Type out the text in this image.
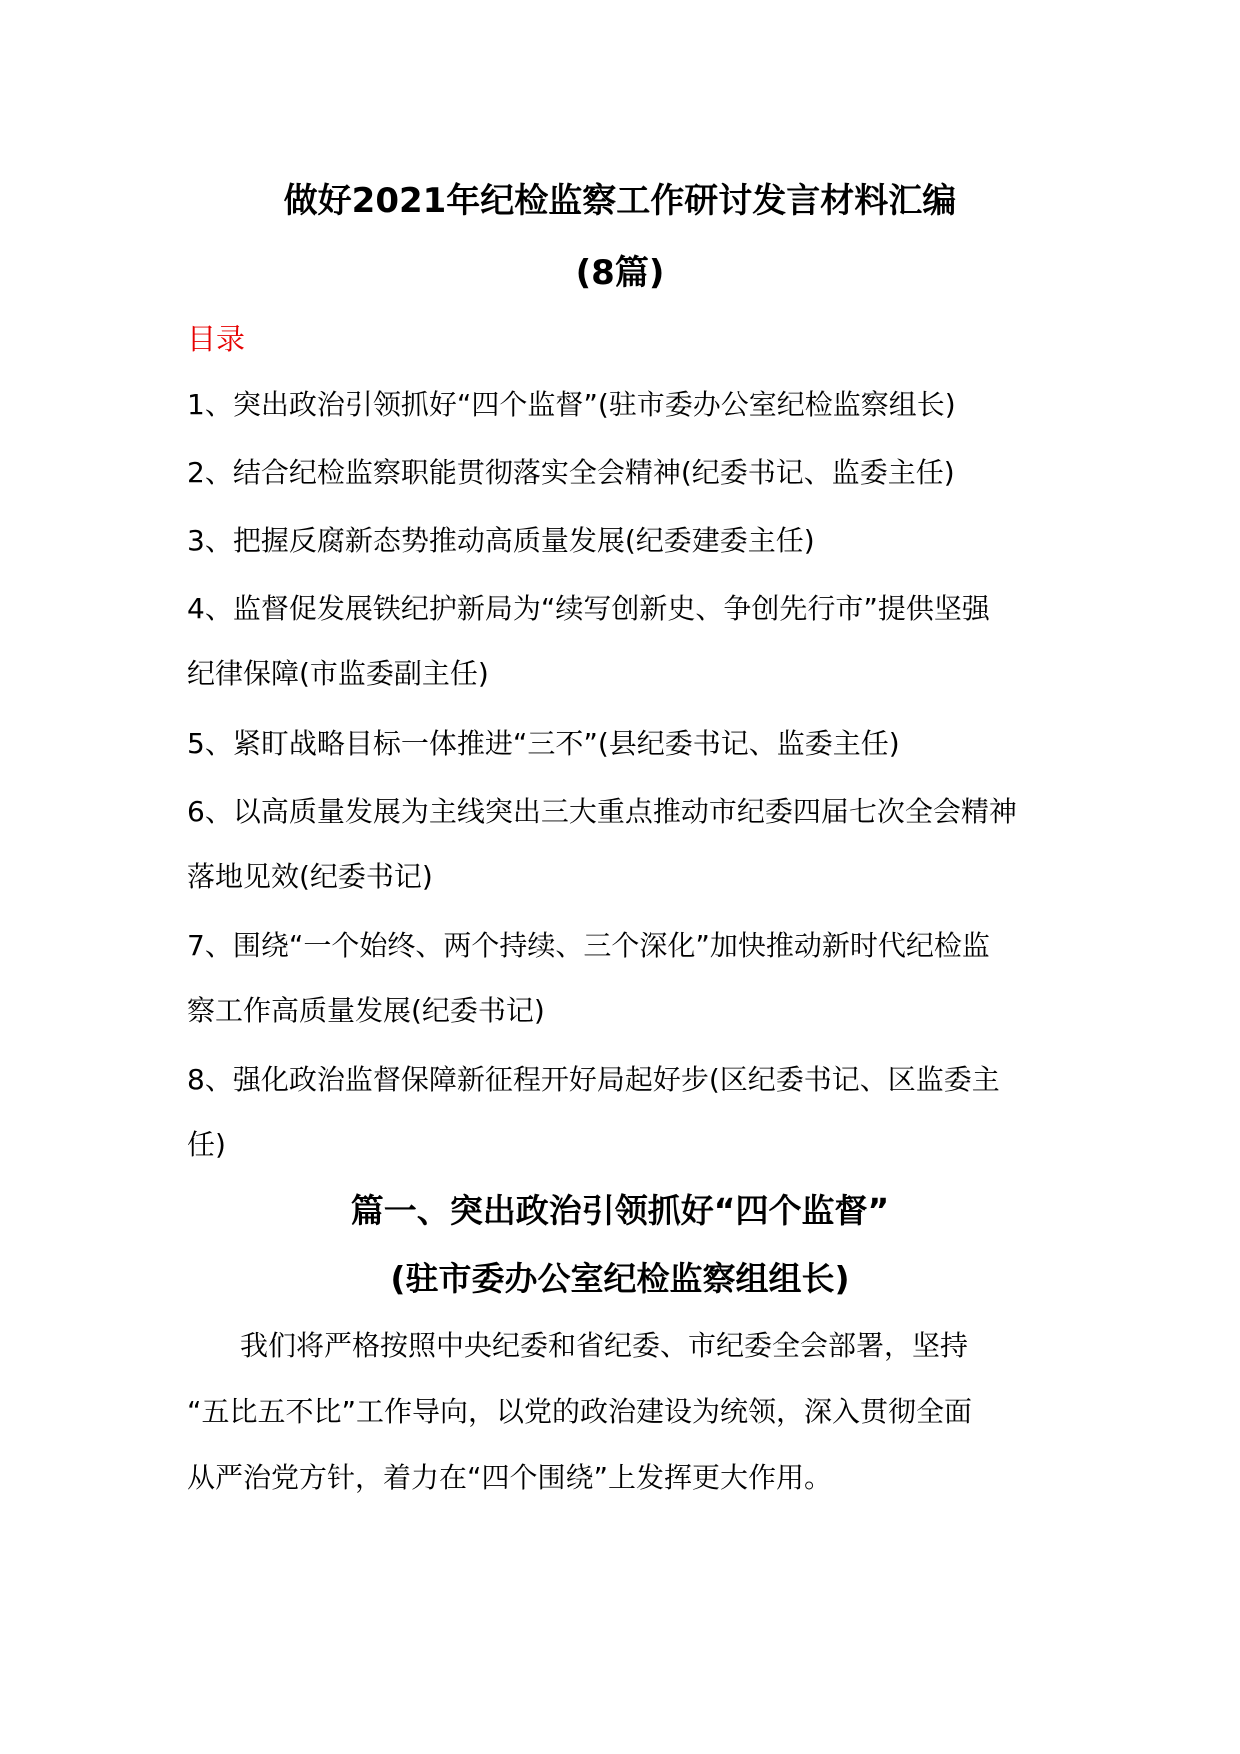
做好2021年纪检监察工作研讨发言材料汇编
(8篇)
目录
1、突出政治引领抓好“四个监督”(驻市委办公室纪检监察组长)
2、结合纪检监察职能贯彻落实全会精神(纪委书记、监委主任)
3、把握反腐新态势推动高质量发展(纪委建委主任)
4、监督促发展铁纪护新局为“续写创新史、争创先行市”提供坚强
纪律保障(市监委副主任)
5、紧盯战略目标一体推进“三不”(县纪委书记、监委主任)
6、以高质量发展为主线突出三大重点推动市纪委四届七次全会精神
落地见效(纪委书记)
7、围绕“一个始终、两个持续、三个深化”加快推动新时代纪检监
察工作高质量发展(纪委书记)
8、强化政治监督保障新征程开好局起好步(区纪委书记、区监委主
任)
篇一、突出政治引领抓好“四个监督”
(驻市委办公室纪检监察组组长)
我们将严格按照中央纪委和省纪委、市纪委全会部署，坚持
“五比五不比”工作导向，以党的政治建设为统领，深入贯彻全面
从严治党方针，着力在“四个围绕”上发挥更大作用。
